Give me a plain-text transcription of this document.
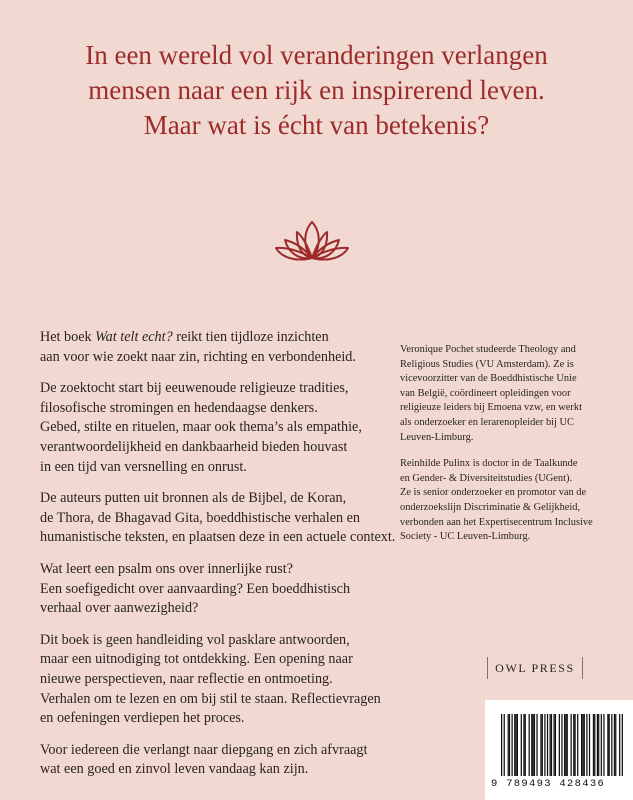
In een wereld vol veranderingen verlangen
mensen naar een rijk en inspirerend leven.
Maar wat is écht van betekenis?

Het boek Wat telt echt? reikt tien tijdloze inzichten
aan voor wie zoekt naar zin, richting en verbondenheid.

De zoektocht start bij eeuwenoude religieuze tradities,
filosofische stromingen en hedendaagse denkers.
Gebed, stilte en rituelen, maar ook thema’s als empathie,
verantwoordelijkheid en dankbaarheid bieden houvast
in een tijd van versnelling en onrust.

De auteurs putten uit bronnen als de Bijbel, de Koran,
de Thora, de Bhagavad Gita, boeddhistische verhalen en
humanistische teksten, en plaatsen deze in een actuele context.

Wat leert een psalm ons over innerlijke rust?
Een soefigedicht over aanvaarding? Een boeddhistisch
verhaal over aanwezigheid?

Dit boek is geen handleiding vol pasklare antwoorden,
maar een uitnodiging tot ontdekking. Een opening naar
nieuwe perspectieven, naar reflectie en ontmoeting.
Verhalen om te lezen en om bij stil te staan. Reflectievragen
en oefeningen verdiepen het proces.

Voor iedereen die verlangt naar diepgang en zich afvraagt
wat een goed en zinvol leven vandaag kan zijn.

Veronique Pochet studeerde Theology and
Religious Studies (VU Amsterdam). Ze is
vicevoorzitter van de Boeddhistische Unie
van België, coördineert opleidingen voor
religieuze leiders bij Emoena vzw, en werkt
als onderzoeker en lerarenopleider bij UC
Leuven-Limburg.

Reinhilde Pulinx is doctor in de Taalkunde
en Gender- & Diversiteitstudies (UGent).
Ze is senior onderzoeker en promotor van de
onderzoekslijn Discriminatie & Gelijkheid,
verbonden aan het Expertisecentrum Inclusive
Society - UC Leuven-Limburg.

OWL PRESS
9 789493 428436
